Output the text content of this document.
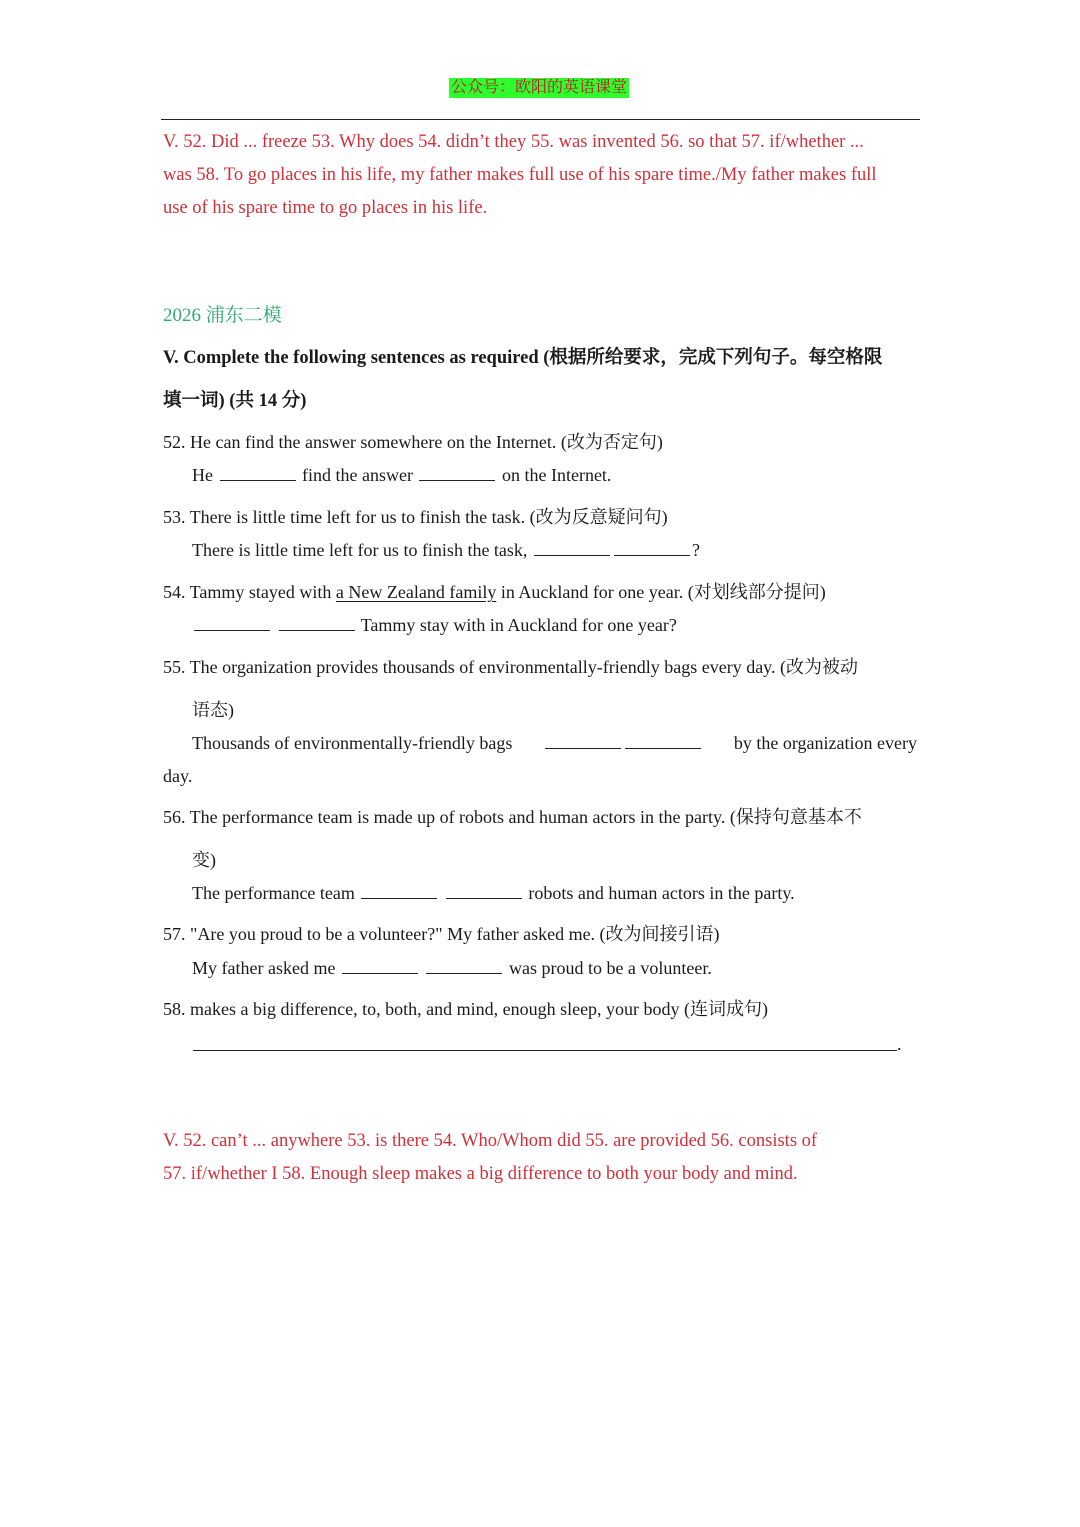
公众号：欧阳的英语课堂
V. 52. Did ... freeze 53. Why does 54. didn’t they 55. was invented 56. so that 57. if/whether ...
was 58. To go places in his life, my father makes full use of his spare time./My father makes full
use of his spare time to go places in his life.
2026 浦东二模
V. Complete the following sentences as required (根据所给要求，完成下列句子。每空格限
填一词) (共 14 分)
52. He can find the answer somewhere on the Internet. (改为否定句)
He	find the answer	on the Internet.
53. There is little time left for us to finish the task. (改为反意疑问句)
There is little time left for us to finish the task,	?
54. Tammy stayed with a New Zealand family in Auckland for one year. (对划线部分提问)
Tammy stay with in Auckland for one year?
55. The organization provides thousands of environmentally-friendly bags every day. (改为被动
语态)
Thousands of environmentally-friendly bags	by the organization every
day.
56. The performance team is made up of robots and human actors in the party. (保持句意基本不
变)
The performance team	robots and human actors in the party.
57. "Are you proud to be a volunteer?" My father asked me. (改为间接引语)
My father asked me	was proud to be a volunteer.
58. makes a big difference, to, both, and mind, enough sleep, your body (连词成句)
.
V. 52. can’t ... anywhere 53. is there 54. Who/Whom did 55. are provided 56. consists of
57. if/whether I 58. Enough sleep makes a big difference to both your body and mind.
